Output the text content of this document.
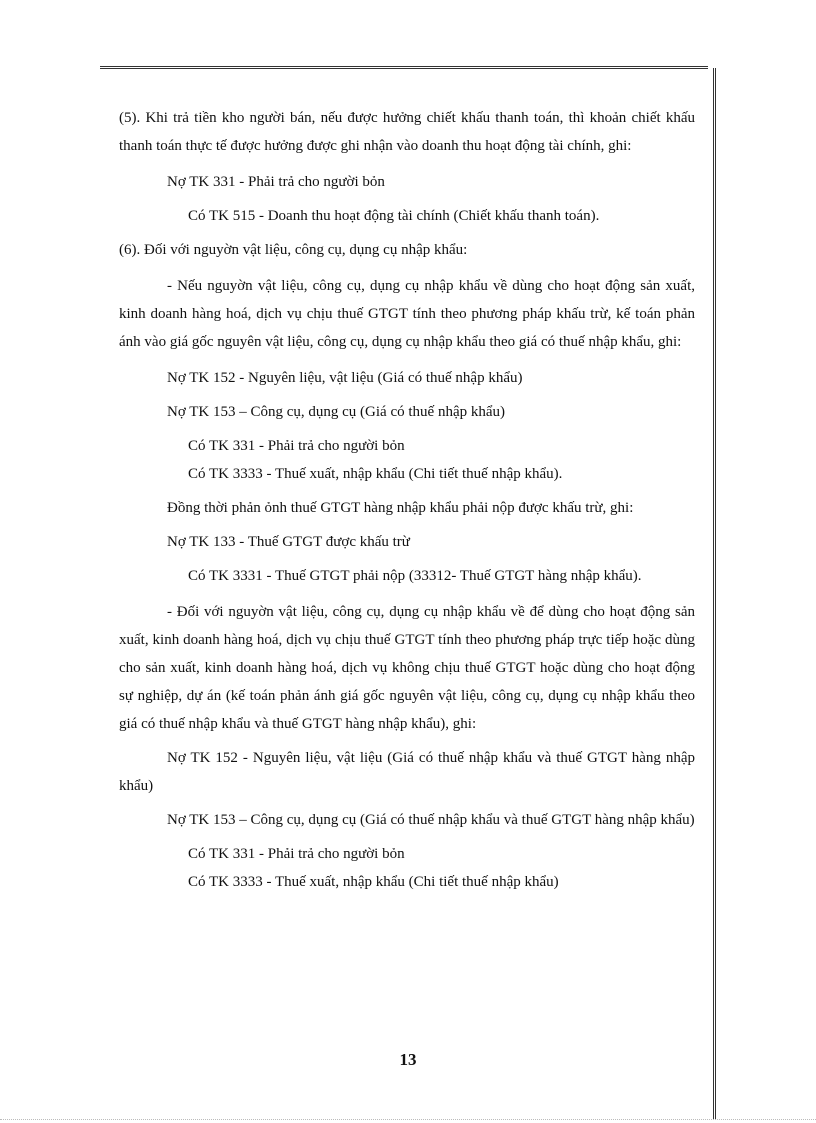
(5). Khi trả tiền kho người bán, nếu được hưởng chiết khấu thanh toán, thì khoản chiết khấu thanh toán thực tế được hưởng được ghi nhận vào doanh thu hoạt động tài chính, ghi:

Nợ TK 331 - Phải trả cho người bỏn

Có TK 515 - Doanh thu hoạt động tài chính (Chiết khấu thanh toán).

(6). Đối với nguyờn vật liệu, công cụ, dụng cụ nhập khẩu:

- Nếu nguyờn vật liệu, công cụ, dụng cụ nhập khẩu về dùng cho hoạt động sản xuất, kinh doanh hàng hoá, dịch vụ chịu thuế GTGT tính theo phương pháp khấu trừ, kế toán phản ánh vào giá gốc nguyên vật liệu, công cụ, dụng cụ nhập khẩu theo giá có thuế nhập khẩu, ghi:

Nợ TK 152 - Nguyên liệu, vật liệu (Giá có thuế nhập khẩu)

Nợ TK 153 – Công cụ, dụng cụ (Giá có thuế nhập khẩu)

Có TK 331 - Phải trả cho người bỏn

Có TK 3333 - Thuế xuất, nhập khẩu (Chi tiết thuế nhập khẩu).

Đồng thời phản ỏnh thuế GTGT hàng nhập khẩu phải nộp được khấu trừ, ghi:

Nợ TK 133 - Thuế GTGT được khấu trừ

Có TK 3331 - Thuế GTGT phải nộp (33312- Thuế GTGT hàng nhập khẩu).

- Đối với nguyờn vật liệu, công cụ, dụng cụ nhập khẩu về để dùng cho hoạt động sản xuất, kinh doanh hàng hoá, dịch vụ chịu thuế GTGT tính theo phương pháp trực tiếp hoặc dùng cho sản xuất, kinh doanh hàng hoá, dịch vụ không chịu thuế GTGT hoặc dùng cho hoạt động sự nghiệp, dự án (kế toán phản ánh giá gốc nguyên vật liệu, công cụ, dụng cụ nhập khẩu theo giá có thuế nhập khẩu và thuế GTGT hàng nhập khẩu), ghi:

Nợ TK 152 - Nguyên liệu, vật liệu (Giá có thuế nhập khẩu và thuế GTGT hàng nhập khẩu)

Nợ TK 153 – Công cụ, dụng cụ (Giá có thuế nhập khẩu và thuế GTGT hàng nhập khẩu)

Có TK 331 - Phải trả cho người bỏn

Có TK 3333 - Thuế xuất, nhập khẩu (Chi tiết thuế nhập khẩu)

13
